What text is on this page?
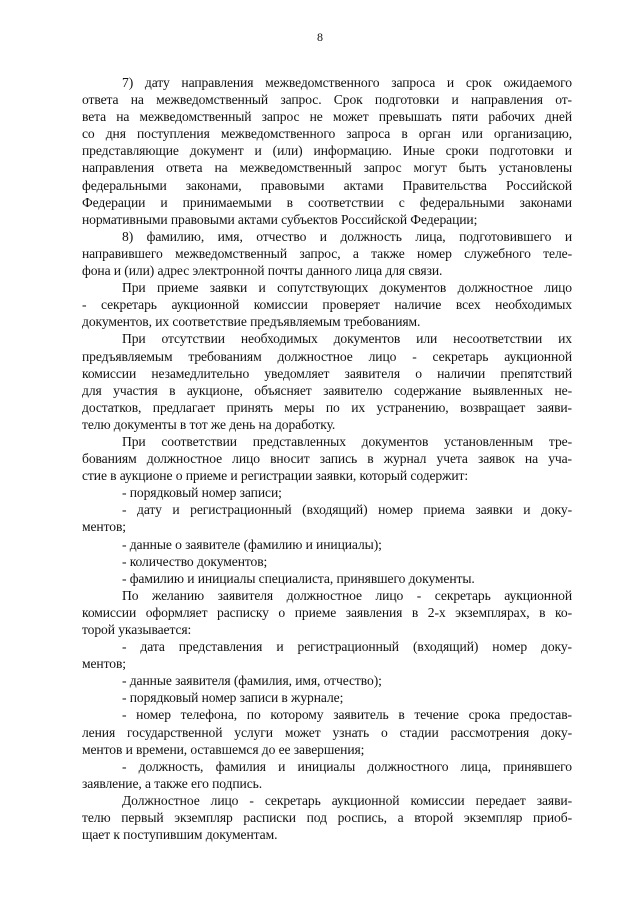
8
7) дату направления межведомственного запроса и срок ожидаемого
ответа на межведомственный запрос. Срок подготовки и направления от-
вета на межведомственный запрос не может превышать пяти рабочих дней
со дня поступления межведомственного запроса в орган или организацию,
представляющие документ и (или) информацию. Иные сроки подготовки и
направления ответа на межведомственный запрос могут быть установлены
федеральными законами, правовыми актами Правительства Российской
Федерации и принимаемыми в соответствии с федеральными законами
нормативными правовыми актами субъектов Российской Федерации;
8) фамилию, имя, отчество и должность лица, подготовившего и
направившего межведомственный запрос, а также номер служебного теле-
фона и (или) адрес электронной почты данного лица для связи.
При приеме заявки и сопутствующих документов должностное лицо
- секретарь аукционной комиссии проверяет наличие всех необходимых
документов, их соответствие предъявляемым требованиям.
При отсутствии необходимых документов или несоответствии их
предъявляемым требованиям должностное лицо - секретарь аукционной
комиссии незамедлительно уведомляет заявителя о наличии препятствий
для участия в аукционе, объясняет заявителю содержание выявленных не-
достатков, предлагает принять меры по их устранению, возвращает заяви-
телю документы в тот же день на доработку.
При соответствии представленных документов установленным тре-
бованиям должностное лицо вносит запись в журнал учета заявок на уча-
стие в аукционе о приеме и регистрации заявки, который содержит:
- порядковый номер записи;
- дату и регистрационный (входящий) номер приема заявки и доку-
ментов;
- данные о заявителе (фамилию и инициалы);
- количество документов;
- фамилию и инициалы специалиста, принявшего документы.
По желанию заявителя должностное лицо - секретарь аукционной
комиссии оформляет расписку о приеме заявления в 2-х экземплярах, в ко-
торой указывается:
- дата представления и регистрационный (входящий) номер доку-
ментов;
- данные заявителя (фамилия, имя, отчество);
- порядковый номер записи в журнале;
- номер телефона, по которому заявитель в течение срока предостав-
ления государственной услуги может узнать о стадии рассмотрения доку-
ментов и времени, оставшемся до ее завершения;
- должность, фамилия и инициалы должностного лица, принявшего
заявление, а также его подпись.
Должностное лицо - секретарь аукционной комиссии передает заяви-
телю первый экземпляр расписки под роспись, а второй экземпляр приоб-
щает к поступившим документам.
